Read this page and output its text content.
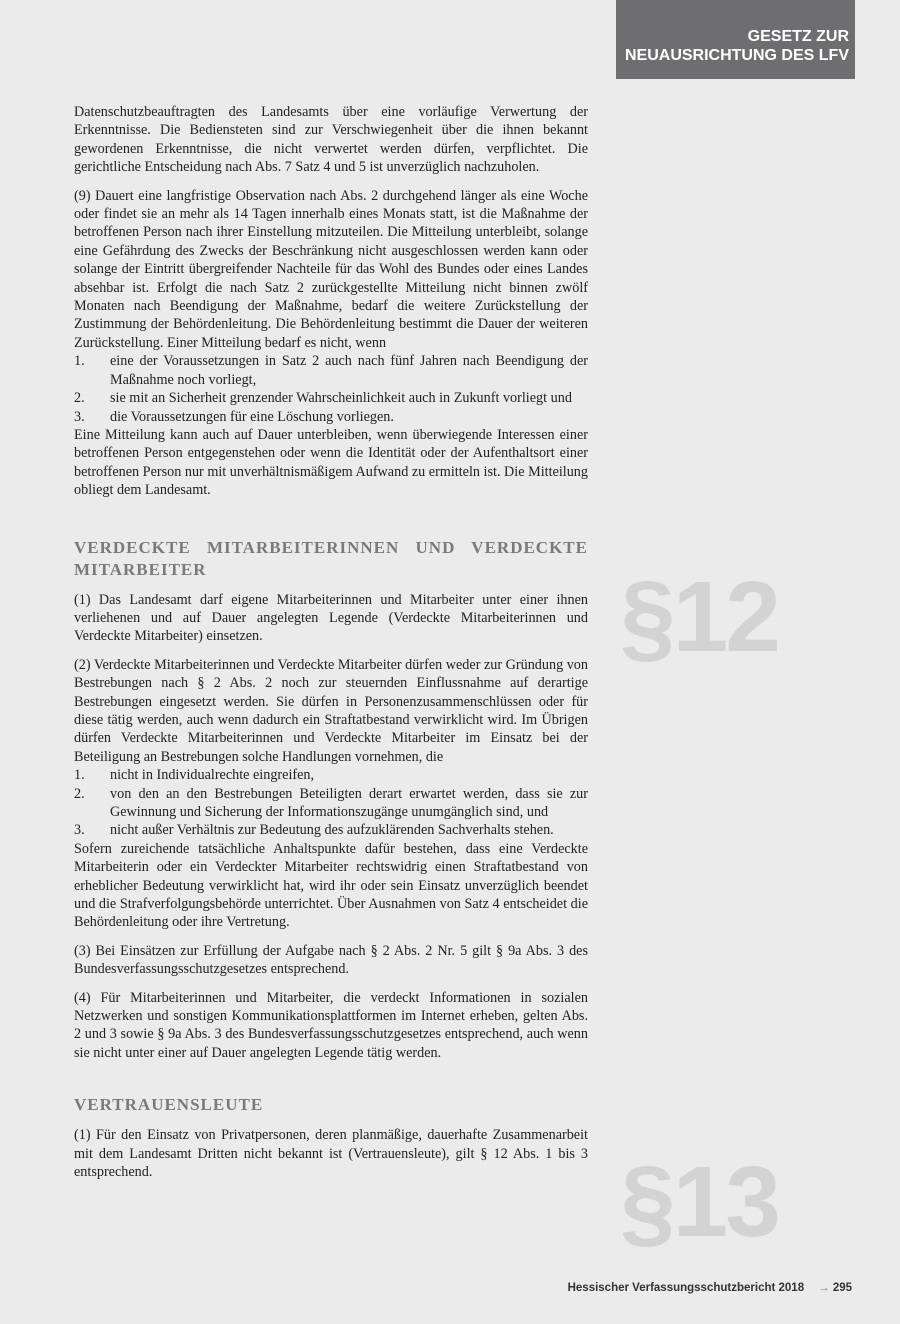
GESETZ ZUR
NEUAUSRICHTUNG DES LFV
§12
§13

Datenschutzbeauftragten des Landesamts über eine vorläufige Verwertung der Erkenntnisse. Die Bediensteten sind zur Verschwiegenheit über die ihnen bekannt gewordenen Erkenntnisse, die nicht verwertet werden dürfen, verpflichtet. Die gerichtliche Entscheidung nach Abs. 7 Satz 4 und 5 ist unverzüglich nachzuholen.

(9) Dauert eine langfristige Observation nach Abs. 2 durchgehend länger als eine Woche oder findet sie an mehr als 14 Tagen innerhalb eines Monats statt, ist die Maßnahme der betroffenen Person nach ihrer Einstellung mitzuteilen. Die Mitteilung unterbleibt, solange eine Gefährdung des Zwecks der Beschränkung nicht ausgeschlossen werden kann oder solange der Eintritt übergreifender Nachteile für das Wohl des Bundes oder eines Landes absehbar ist. Erfolgt die nach Satz 2 zurückgestellte Mitteilung nicht binnen zwölf Monaten nach Beendigung der Maßnahme, bedarf die weitere Zurückstellung der Zustimmung der Behördenleitung. Die Behördenleitung bestimmt die Dauer der weiteren Zurückstellung. Einer Mitteilung bedarf es nicht, wenn

1. eine der Voraussetzungen in Satz 2 auch nach fünf Jahren nach Beendigung der Maßnahme noch vorliegt,
2. sie mit an Sicherheit grenzender Wahrscheinlichkeit auch in Zukunft vorliegt und
3. die Voraussetzungen für eine Löschung vorliegen.

Eine Mitteilung kann auch auf Dauer unterbleiben, wenn überwiegende Interessen einer betroffenen Person entgegenstehen oder wenn die Identität oder der Aufenthaltsort einer betroffenen Person nur mit unverhältnismäßigem Aufwand zu ermitteln ist. Die Mitteilung obliegt dem Landesamt.

VERDECKTE MITARBEITERINNEN UND VERDECKTE MITARBEITER

(1) Das Landesamt darf eigene Mitarbeiterinnen und Mitarbeiter unter einer ihnen verliehenen und auf Dauer angelegten Legende (Verdeckte Mitarbeiterinnen und Verdeckte Mitarbeiter) einsetzen.

(2) Verdeckte Mitarbeiterinnen und Verdeckte Mitarbeiter dürfen weder zur Gründung von Bestrebungen nach § 2 Abs. 2 noch zur steuernden Einflussnahme auf derartige Bestrebungen eingesetzt werden. Sie dürfen in Personenzusammenschlüssen oder für diese tätig werden, auch wenn dadurch ein Straftatbestand verwirklicht wird. Im Übrigen dürfen Verdeckte Mitarbeiterinnen und Verdeckte Mitarbeiter im Einsatz bei der Beteiligung an Bestrebungen solche Handlungen vornehmen, die

1. nicht in Individualrechte eingreifen,
2. von den an den Bestrebungen Beteiligten derart erwartet werden, dass sie zur Gewinnung und Sicherung der Informationszugänge unumgänglich sind, und
3. nicht außer Verhältnis zur Bedeutung des aufzuklärenden Sachverhalts stehen.

Sofern zureichende tatsächliche Anhaltspunkte dafür bestehen, dass eine Verdeckte Mitarbeiterin oder ein Verdeckter Mitarbeiter rechtswidrig einen Straftatbestand von erheblicher Bedeutung verwirklicht hat, wird ihr oder sein Einsatz unverzüglich beendet und die Strafverfolgungsbehörde unterrichtet. Über Ausnahmen von Satz 4 entscheidet die Behördenleitung oder ihre Vertretung.

(3) Bei Einsätzen zur Erfüllung der Aufgabe nach § 2 Abs. 2 Nr. 5 gilt § 9a Abs. 3 des Bundesverfassungsschutzgesetzes entsprechend.

(4) Für Mitarbeiterinnen und Mitarbeiter, die verdeckt Informationen in sozialen Netzwerken und sonstigen Kommunikationsplattformen im Internet erheben, gelten Abs. 2 und 3 sowie § 9a Abs. 3 des Bundesverfassungsschutzgesetzes entsprechend, auch wenn sie nicht unter einer auf Dauer angelegten Legende tätig werden.

VERTRAUENSLEUTE

(1) Für den Einsatz von Privatpersonen, deren planmäßige, dauerhafte Zusammenarbeit mit dem Landesamt Dritten nicht bekannt ist (Vertrauensleute), gilt § 12 Abs. 1 bis 3 entsprechend.

Hessischer Verfassungsschutzbericht 2018 → 295
